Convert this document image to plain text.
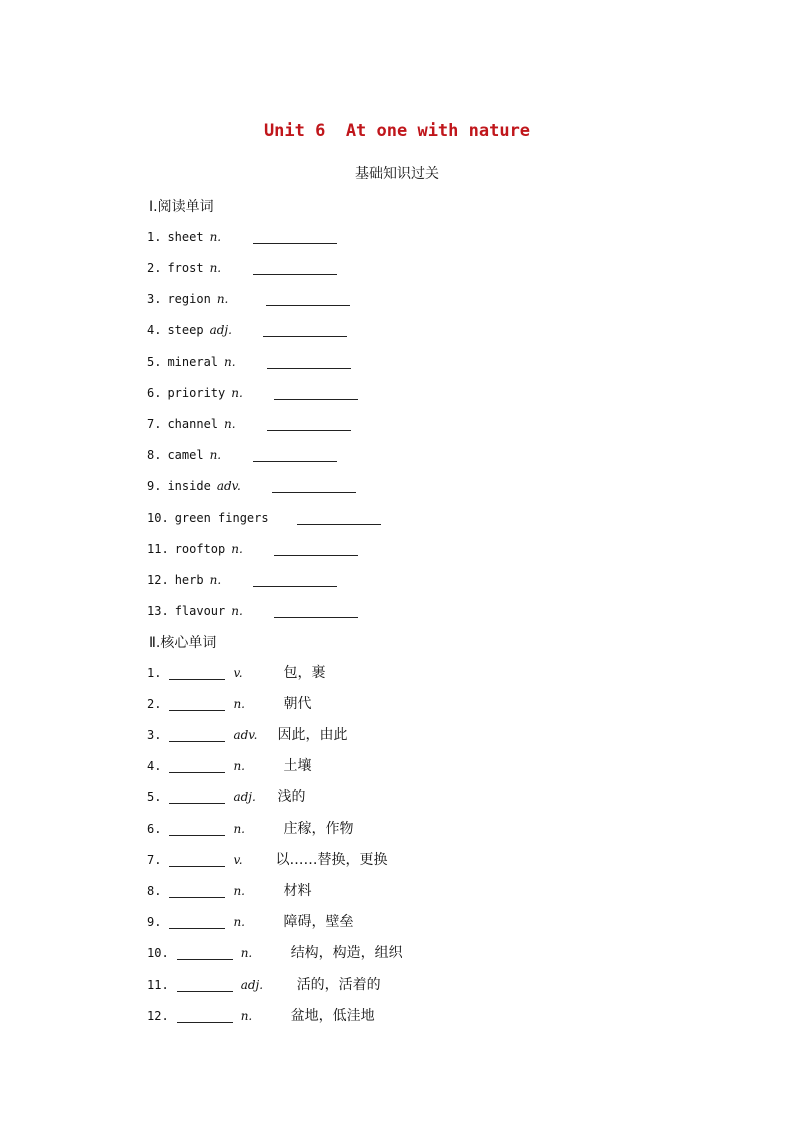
Unit 6  At one with nature
基础知识过关
Ⅰ.阅读单词
1. sheet n.
2. frost n.
3. region n.
4. steep adj.
5. mineral n.
6. priority n.
7. channel n.
8. camel n.
9. inside adv.
10. green fingers
11. rooftop n.
12. herb n.
13. flavour n.
Ⅱ.核心单词
1.	v.	包，裹
2.	n.	朝代
3.	adv. 因此，由此
4.	n.	土壤
5.	adj. 浅的
6.	n.	庄稼，作物
7.	v. 以……替换，更换
8.	n.	材料
9.	n.	障碍，壁垒
10.	n.	结构，构造，组织
11.	adj. 活的，活着的
12.	n.	盆地，低洼地
